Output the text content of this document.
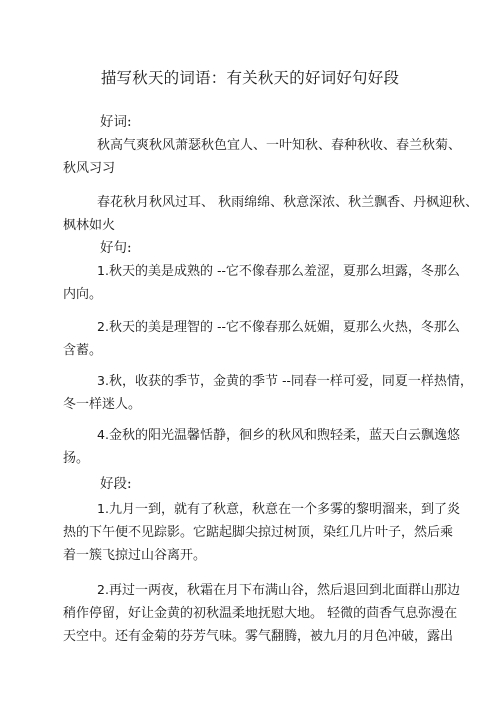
描写秋天的词语：有关秋天的好词好句好段
好词:
秋高气爽秋风萧瑟秋色宜人、一叶知秋、春种秋收、春兰秋菊、
秋风习习
春花秋月秋风过耳、 秋雨绵绵、秋意深浓、秋兰飘香、丹枫迎秋、
枫林如火
好句:
1.秋天的美是成熟的 --它不像春那么羞涩，夏那么坦露，冬那么
内向。
2.秋天的美是理智的 --它不像春那么妩媚，夏那么火热，冬那么
含蓄。
3.秋，收获的季节，金黄的季节 --同春一样可爱，同夏一样热情，
冬一样迷人。
4.金秋的阳光温馨恬静，徊乡的秋风和煦轻柔，蓝天白云飘逸悠
扬。
好段:
1.九月一到，就有了秋意，秋意在一个多雾的黎明溜来，到了炎
热的下午便不见踪影。它踮起脚尖掠过树顶，染红几片叶子，然后乘
着一簇飞掠过山谷离开。
2.再过一两夜，秋霜在月下布满山谷，然后退回到北面群山那边
稍作停留，好让金黄的初秋温柔地抚慰大地。 轻微的茴香气息弥漫在
天空中。还有金菊的芬芳气味。雾气翻腾，被九月的月色冲破，露出
